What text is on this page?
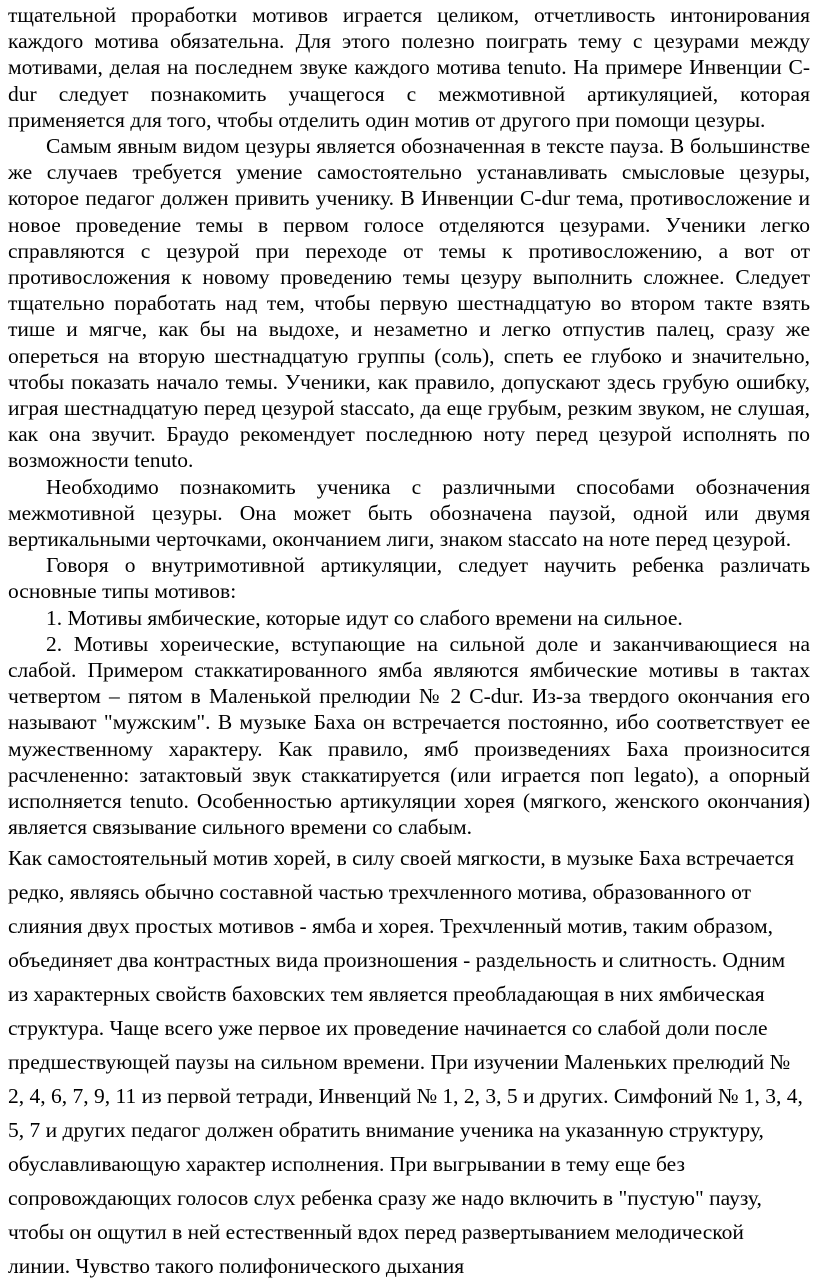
тщательной проработки мотивов играется целиком, отчетливость интонирования каждого мотива обязательна. Для этого полезно поиграть тему с цезурами между мотивами, делая на последнем звуке каждого мотива tenuto. На примере Инвенции C-dur следует познакомить учащегося с межмотивной артикуляцией, которая применяется для того, чтобы отделить один мотив от другого при помощи цезуры.

Самым явным видом цезуры является обозначенная в тексте пауза. В большинстве же случаев требуется умение самостоятельно устанавливать смысловые цезуры, которое педагог должен привить ученику. В Инвенции C-dur тема, противосложение и новое проведение темы в первом голосе отделяются цезурами. Ученики легко справляются с цезурой при переходе от темы к противосложению, а вот от противосложения к новому проведению темы цезуру выполнить сложнее. Следует тщательно поработать над тем, чтобы первую шестнадцатую во втором такте взять тише и мягче, как бы на выдохе, и незаметно и легко отпустив палец, сразу же опереться на вторую шестнадцатую группы (соль), спеть ее глубоко и значительно, чтобы показать начало темы. Ученики, как правило, допускают здесь грубую ошибку, играя шестнадцатую перед цезурой staccato, да еще грубым, резким звуком, не слушая, как она звучит. Браудо рекомендует последнюю ноту перед цезурой исполнять по возможности tenuto.

Необходимо познакомить ученика с различными способами обозначения межмотивной цезуры. Она может быть обозначена паузой, одной или двумя вертикальными черточками, окончанием лиги, знаком staccato на ноте перед цезурой.

Говоря о внутримотивной артикуляции, следует научить ребенка различать основные типы мотивов:

1. Мотивы ямбические, которые идут со слабого времени на сильное.

2. Мотивы хореические, вступающие на сильной доле и заканчивающиеся на слабой. Примером стаккатированного ямба являются ямбические мотивы в тактах четвертом – пятом в Маленькой прелюдии № 2 C-dur. Из-за твердого окончания его называют "мужским". В музыке Баха он встречается постоянно, ибо соответствует ее мужественному характеру. Как правило, ямб произведениях Баха произносится расчлененно: затактовый звук стаккатируется (или играется поп legato), а опорный исполняется tenuto. Особенностью артикуляции хорея (мягкого, женского окончания) является связывание сильного времени со слабым.

Как самостоятельный мотив хорей, в силу своей мягкости, в музыке Баха встречается редко, являясь обычно составной частью трехчленного мотива, образованного от слияния двух простых мотивов - ямба и хорея. Трехчленный мотив, таким образом, объединяет два контрастных вида произношения - раздельность и слитность. Одним из характерных свойств баховских тем является преобладающая в них ямбическая структура. Чаще всего уже первое их проведение начинается со слабой доли после предшествующей паузы на сильном времени. При изучении Маленьких прелюдий № 2, 4, 6, 7, 9, 11 из первой тетради, Инвенций № 1, 2, 3, 5 и других. Симфоний № 1, 3, 4, 5, 7 и других педагог должен обратить внимание ученика на указанную структуру, обуславливающую характер исполнения. При выгрывании в тему еще без сопровождающих голосов слух ребенка сразу же надо включить в "пустую" паузу, чтобы он ощутил в ней естественный вдох перед развертыванием мелодической линии. Чувство такого полифонического дыхания
